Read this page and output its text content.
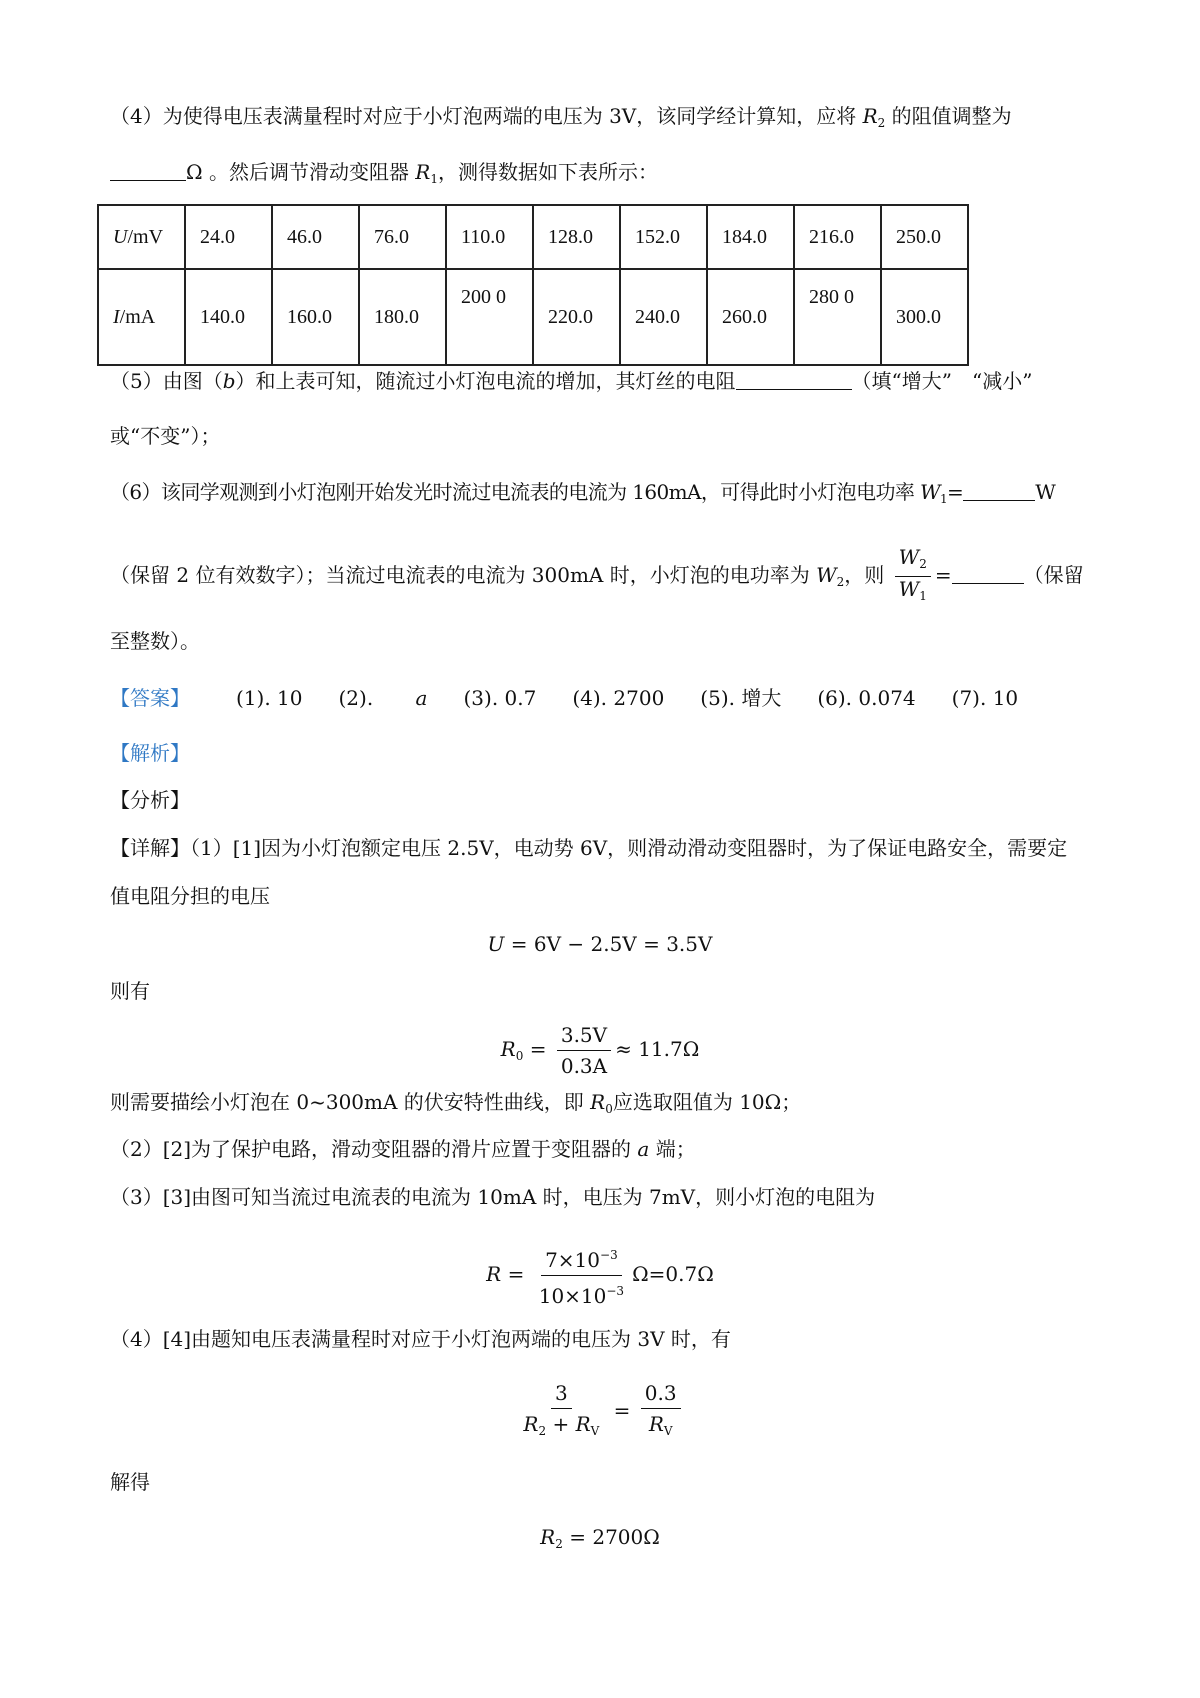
（4）为使得电压表满量程时对应于小灯泡两端的电压为 3V，该同学经计算知，应将 $R_2$ 的阻值调整为
Ω 。然后调节滑动变阻器 $R_1$，测得数据如下表所示：
U/mV	24.0	46.0	76.0	110.0	128.0	152.0	184.0	216.0	250.0
I/mA	140.0	160.0	180.0	200 0	220.0	240.0	260.0	280 0	300.0
（5）由图（b）和上表可知，随流过小灯泡电流的增加，其灯丝的电阻	（填“增大”　“减小”
或“不变”）；
（6）该同学观测到小灯泡刚开始发光时流过电流表的电流为 160mA，可得此时小灯泡电功率 $W_1=$	W
（保留 2 位有效数字）；当流过电流表的电流为 300mA 时，小灯泡的电功率为 $W_2$，则 $\frac{W_2}{W_1}$ =	（保留
至整数）。
【答案】 (1). 10 (2). a (3). 0.7 (4). 2700 (5). 增大 (6). 0.074 (7). 10
【解析】
【分析】
【详解】（1）[1]因为小灯泡额定电压 2.5V，电动势 6V，则滑动滑动变阻器时，为了保证电路安全，需要定
值电阻分担的电压
U = 6V − 2.5V = 3.5V
则有
$R_0 = \frac{3.5V}{0.3A} \approx 11.7\Omega$
则需要描绘小灯泡在 0~300mA 的伏安特性曲线，即 $R_0$应选取阻值为 10Ω；
（2）[2]为了保护电路，滑动变阻器的滑片应置于变阻器的 a 端；
（3）[3]由图可知当流过电流表的电流为 10mA 时，电压为 7mV，则小灯泡的电阻为
$R = \frac{7\times 10^{-3}}{10\times 10^{-3}} \Omega=0.7\Omega$
（4）[4]由题知电压表满量程时对应于小灯泡两端的电压为 3V 时，有
$\frac{3}{R_2 + R_V} = \frac{0.3}{R_V}$
解得
$R_2 = 2700\Omega$
